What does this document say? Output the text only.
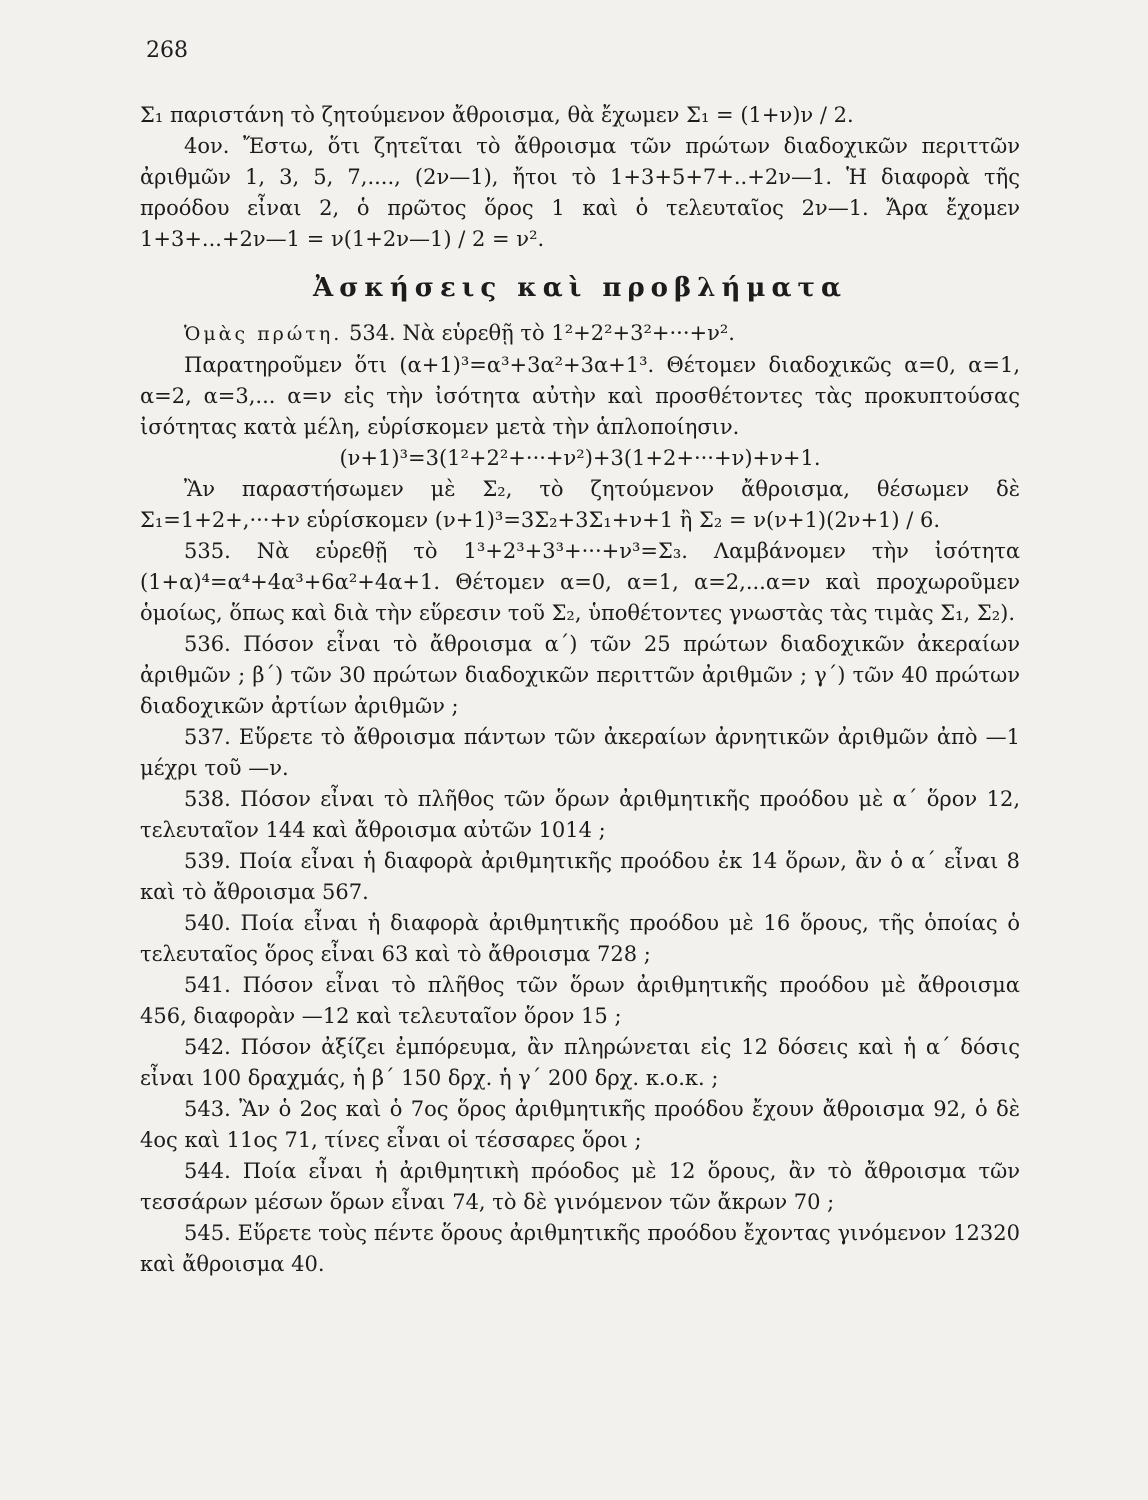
268

Σ₁ παριστάνη τὸ ζητούμενον ἄθροισμα, θὰ ἔχωμεν Σ₁ = (1+ν)ν / 2.

4ον. Ἔστω, ὅτι ζητεῖται τὸ ἄθροισμα τῶν πρώτων διαδοχικῶν περιττῶν ἀριθμῶν 1, 3, 5, 7,...., (2ν—1), ἤτοι τὸ 1+3+5+7+..+2ν—1. Ἡ διαφορὰ τῆς προόδου εἶναι 2, ὁ πρῶτος ὅρος 1 καὶ ὁ τελευταῖος 2ν—1. Ἄρα ἔχομεν 1+3+...+2ν—1 = ν(1+2ν—1) / 2 = ν².

Ἀσκήσεις καὶ προβλήματα

Ὁμὰς πρώτη. 534. Νὰ εὑρεθῇ τὸ 1²+2²+3²+···+ν².

Παρατηροῦμεν ὅτι (α+1)³=α³+3α²+3α+1³. Θέτομεν διαδοχικῶς α=0, α=1, α=2, α=3,... α=ν εἰς τὴν ἰσότητα αὐτὴν καὶ προσθέτοντες τὰς προκυπτούσας ἰσότητας κατὰ μέλη, εὑρίσκομεν μετὰ τὴν ἁπλοποίησιν.

(ν+1)³=3(1²+2²+···+ν²)+3(1+2+···+ν)+ν+1.

Ἂν παραστήσωμεν μὲ Σ₂, τὸ ζητούμενον ἄθροισμα, θέσωμεν δὲ Σ₁=1+2+,···+ν εὑρίσκομεν (ν+1)³=3Σ₂+3Σ₁+ν+1 ἢ Σ₂ = ν(ν+1)(2ν+1) / 6.

535. Νὰ εὑρεθῇ τὸ 1³+2³+3³+···+ν³=Σ₃. Λαμβάνομεν τὴν ἰσότητα (1+α)⁴=α⁴+4α³+6α²+4α+1. Θέτομεν α=0, α=1, α=2,...α=ν καὶ προχωροῦμεν ὁμοίως, ὅπως καὶ διὰ τὴν εὕρεσιν τοῦ Σ₂, ὑποθέτοντες γνωστὰς τὰς τιμὰς Σ₁, Σ₂).

536. Πόσον εἶναι τὸ ἄθροισμα α΄) τῶν 25 πρώτων διαδοχικῶν ἀκεραίων ἀριθμῶν ; β΄) τῶν 30 πρώτων διαδοχικῶν περιττῶν ἀριθμῶν ; γ΄) τῶν 40 πρώτων διαδοχικῶν ἀρτίων ἀριθμῶν ;

537. Εὕρετε τὸ ἄθροισμα πάντων τῶν ἀκεραίων ἀρνητικῶν ἀριθμῶν ἀπὸ —1 μέχρι τοῦ —ν.

538. Πόσον εἶναι τὸ πλῆθος τῶν ὅρων ἀριθμητικῆς προόδου μὲ α΄ ὅρον 12, τελευταῖον 144 καὶ ἄθροισμα αὐτῶν 1014 ;

539. Ποία εἶναι ἡ διαφορὰ ἀριθμητικῆς προόδου ἐκ 14 ὅρων, ἂν ὁ α΄ εἶναι 8 καὶ τὸ ἄθροισμα 567.

540. Ποία εἶναι ἡ διαφορὰ ἀριθμητικῆς προόδου μὲ 16 ὅρους, τῆς ὁποίας ὁ τελευταῖος ὅρος εἶναι 63 καὶ τὸ ἄθροισμα 728 ;

541. Πόσον εἶναι τὸ πλῆθος τῶν ὅρων ἀριθμητικῆς προόδου μὲ ἄθροισμα 456, διαφορὰν —12 καὶ τελευταῖον ὅρον 15 ;

542. Πόσον ἀξίζει ἐμπόρευμα, ἂν πληρώνεται εἰς 12 δόσεις καὶ ἡ α΄ δόσις εἶναι 100 δραχμάς, ἡ β΄ 150 δρχ. ἡ γ΄ 200 δρχ. κ.ο.κ. ;

543. Ἂν ὁ 2ος καὶ ὁ 7ος ὅρος ἀριθμητικῆς προόδου ἔχουν ἄθροισμα 92, ὁ δὲ 4ος καὶ 11ος 71, τίνες εἶναι οἱ τέσσαρες ὅροι ;

544. Ποία εἶναι ἡ ἀριθμητικὴ πρόοδος μὲ 12 ὅρους, ἂν τὸ ἄθροισμα τῶν τεσσάρων μέσων ὅρων εἶναι 74, τὸ δὲ γινόμενον τῶν ἄκρων 70 ;

545. Εὕρετε τοὺς πέντε ὅρους ἀριθμητικῆς προόδου ἔχοντας γινόμενον 12320 καὶ ἄθροισμα 40.
